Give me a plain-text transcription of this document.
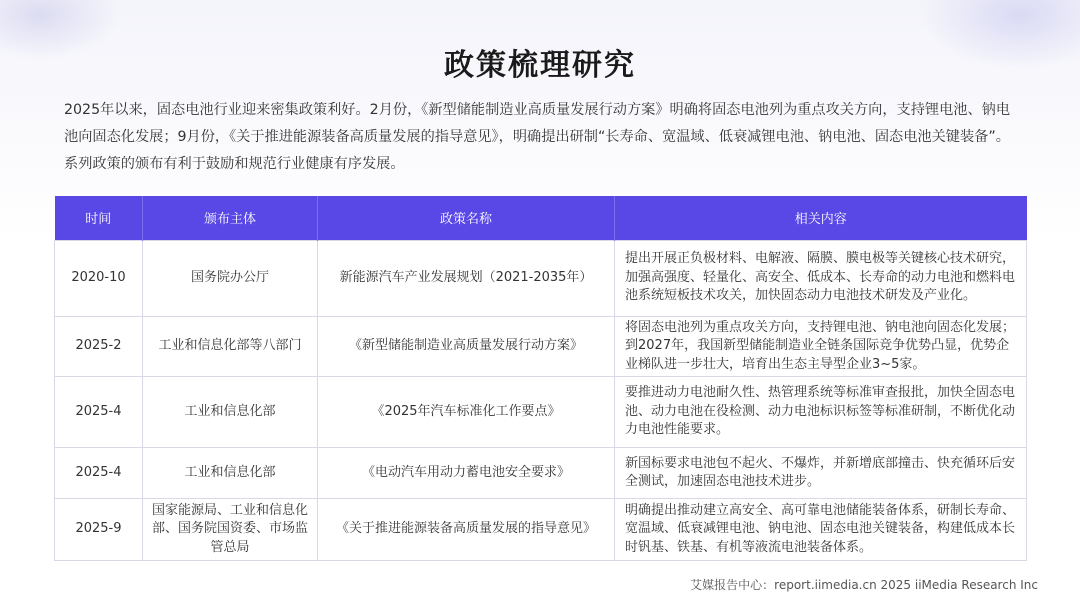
政策梳理研究

2025年以来，固态电池行业迎来密集政策利好。2月份，《新型储能制造业高质量发展行动方案》明确将固态电池列为重点攻关方向，支持锂电池、钠电池向固态化发展；9月份，《关于推进能源装备高质量发展的指导意见》，明确提出研制“长寿命、宽温域、低衰减锂电池、钠电池、固态电池关键装备”。系列政策的颁布有利于鼓励和规范行业健康有序发展。

时间	颁布主体	政策名称	相关内容
2020-10	国务院办公厅	新能源汽车产业发展规划（2021-2035年）	提出开展正负极材料、电解液、隔膜、膜电极等关键核心技术研究，加强高强度、轻量化、高安全、低成本、长寿命的动力电池和燃料电池系统短板技术攻关，加快固态动力电池技术研发及产业化。
2025-2	工业和信息化部等八部门	《新型储能制造业高质量发展行动方案》	将固态电池列为重点攻关方向，支持锂电池、钠电池向固态化发展；到2027年，我国新型储能制造业全链条国际竞争优势凸显，优势企业梯队进一步壮大，培育出生态主导型企业3~5家。
2025-4	工业和信息化部	《2025年汽车标准化工作要点》	要推进动力电池耐久性、热管理系统等标准审查报批，加快全固态电池、动力电池在役检测、动力电池标识标签等标准研制，不断优化动力电池性能要求。
2025-4	工业和信息化部	《电动汽车用动力蓄电池安全要求》	新国标要求电池包不起火、不爆炸，并新增底部撞击、快充循环后安全测试，加速固态电池技术进步。
2025-9	国家能源局、工业和信息化部、国务院国资委、市场监管总局	《关于推进能源装备高质量发展的指导意见》	明确提出推动建立高安全、高可靠电池储能装备体系，研制长寿命、宽温域、低衰减锂电池、钠电池、固态电池关键装备，构建低成本长时钒基、铁基、有机等液流电池装备体系。
艾媒报告中心：report.iimedia.cn 2025 iiMedia Research Inc
